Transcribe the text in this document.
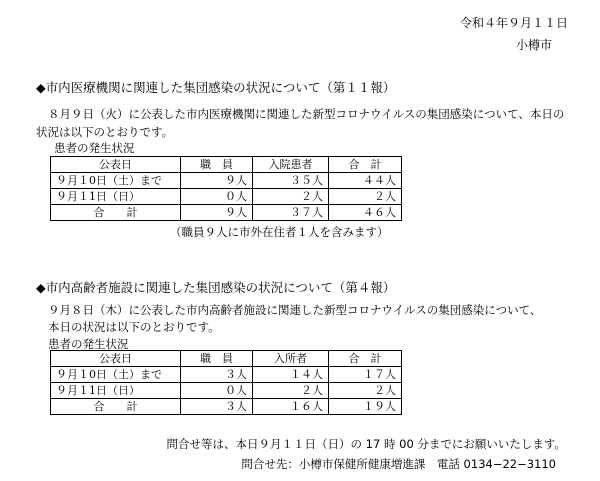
令和４年９月１１日
小樽市
◆市内医療機関に関連した集団感染の状況について（第１１報）
８月９日（火）に公表した市内医療機関に関連した新型コロナウイルスの集団感染について、本日の
状況は以下のとおりです。
患者の発生状況
公表日	職　員	入院患者	合　計
９月１0日（土）まで	９人	３５人	４４人
９月１1日（日）	０人	２人	２人
合　　計	９人	３７人	４６人
（職員９人に市外在住者１人を含みます）
◆市内高齢者施設に関連した集団感染の状況について（第４報）
９月８日（木）に公表した市内高齢者施設に関連した新型コロナウイルスの集団感染について、
本日の状況は以下のとおりです。
患者の発生状況
公表日	職　員	入所者	合　計
９月１0日（土）まで	３人	１４人	１７人
９月１1日（日）	０人	２人	２人
合　　計	３人	１６人	１９人
問合せ等は、本日９月１１日（日）の 17 時 00 分までにお願いいたします。
問合せ先：小樽市保健所健康増進課　電話 0134−22−3110
